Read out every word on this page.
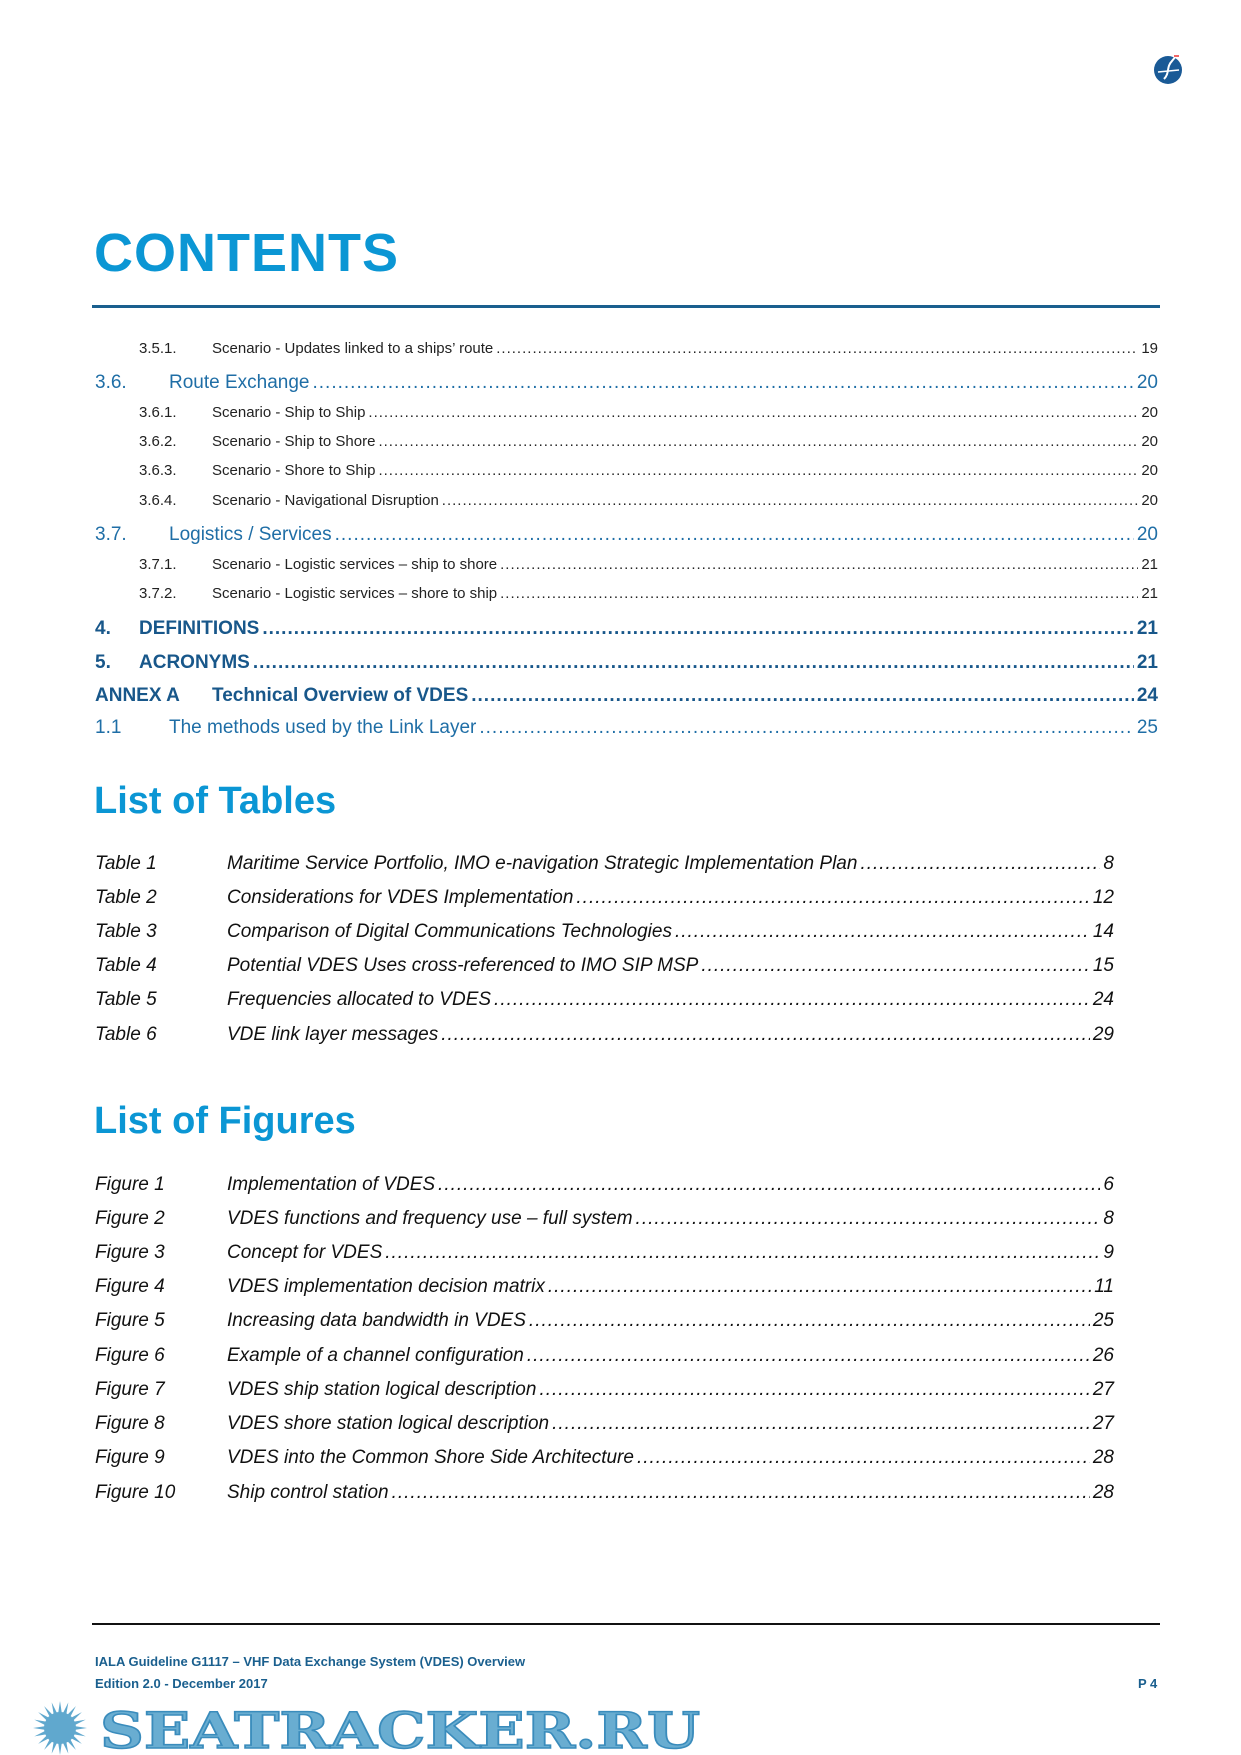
CONTENTS
3.5.1. Scenario - Updates linked to a ships’ route .....	19
3.6. Route Exchange .....	20
3.6.1. Scenario - Ship to Ship .....	20
3.6.2. Scenario - Ship to Shore .....	20
3.6.3. Scenario - Shore to Ship .....	20
3.6.4. Scenario - Navigational Disruption .....	20
3.7. Logistics / Services .....	20
3.7.1. Scenario - Logistic services – ship to shore .....	21
3.7.2. Scenario - Logistic services – shore to ship .....	21
4. DEFINITIONS .....	21
5. ACRONYMS .....	21
ANNEX A Technical Overview of VDES .....	24
1.1	The methods used by the Link Layer .....	25
List of Tables
Table 1	Maritime Service Portfolio, IMO e-navigation Strategic Implementation Plan .....	8
Table 2	Considerations for VDES Implementation .....	12
Table 3	Comparison of Digital Communications Technologies .....	14
Table 4	Potential VDES Uses cross-referenced to IMO SIP MSP .....	15
Table 5	Frequencies allocated to VDES .....	24
Table 6	VDE link layer messages .....	29
List of Figures
Figure 1	Implementation of VDES .....	6
Figure 2	VDES functions and frequency use – full system .....	8
Figure 3	Concept for VDES .....	9
Figure 4	VDES implementation decision matrix .....	11
Figure 5	Increasing data bandwidth in VDES .....	25
Figure 6	Example of a channel configuration .....	26
Figure 7	VDES ship station logical description .....	27
Figure 8	VDES shore station logical description .....	27
Figure 9	VDES into the Common Shore Side Architecture .....	28
Figure 10	Ship control station .....	28
IALA Guideline G1117 – VHF Data Exchange System (VDES) Overview
Edition 2.0 - December 2017	P 4
SEATRACKER.RU
